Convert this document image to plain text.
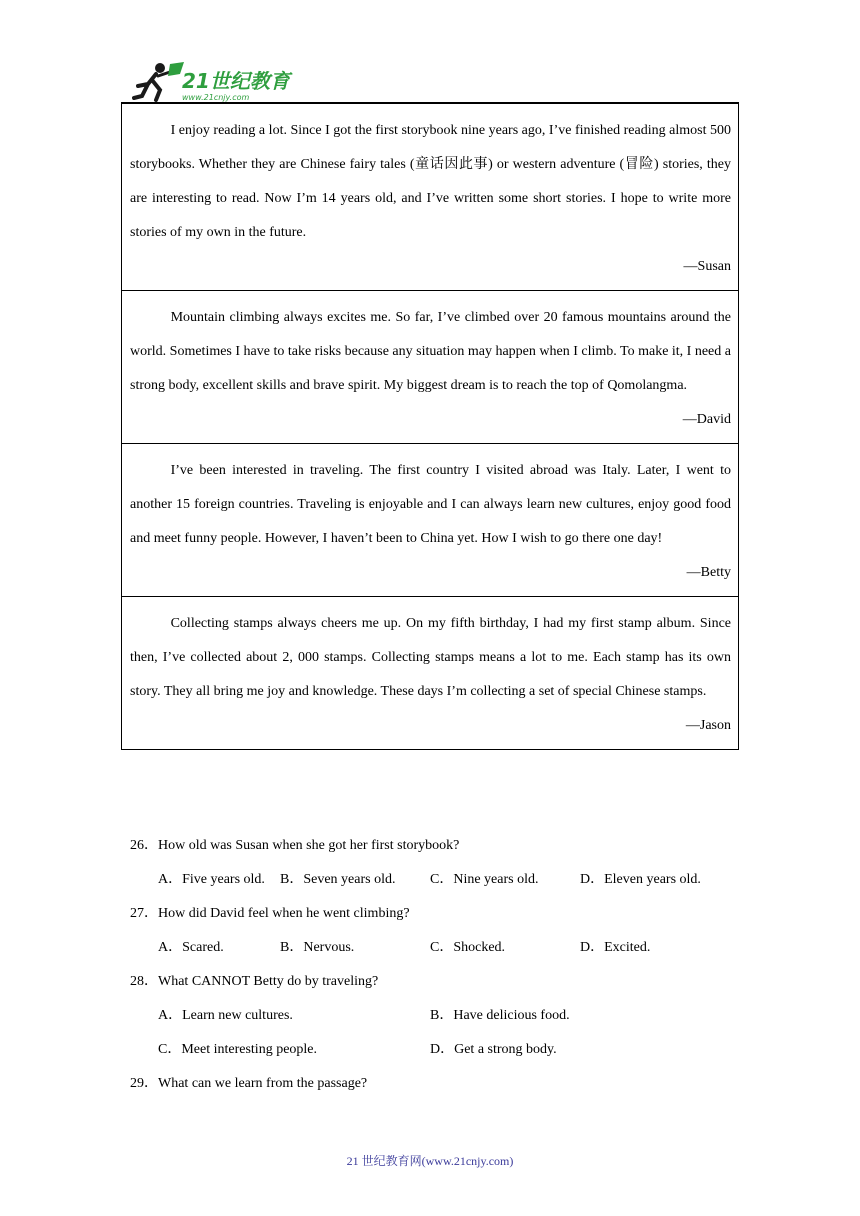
21世纪教育
www.21cnjy.com

I enjoy reading a lot. Since I got the first storybook nine years ago, I’ve finished reading almost 500 storybooks. Whether they are Chinese fairy tales (童话因此事) or western adventure (冒险) stories, they are interesting to read. Now I’m 14 years old, and I’ve written some short stories. I hope to write more stories of my own in the future.

—Susan

Mountain climbing always excites me. So far, I’ve climbed over 20 famous mountains around the world. Sometimes I have to take risks because any situation may happen when I climb. To make it, I need a strong body, excellent skills and brave spirit. My biggest dream is to reach the top of Qomolangma.

—David

I’ve been interested in traveling. The first country I visited abroad was Italy. Later, I went to another 15 foreign countries. Traveling is enjoyable and I can always learn new cultures, enjoy good food and meet funny people. However, I haven’t been to China yet. How I wish to go there one day!

—Betty

Collecting stamps always cheers me up. On my fifth birthday, I had my first stamp album. Since then, I’ve collected about 2, 000 stamps. Collecting stamps means a lot to me. Each stamp has its own story. They all bring me joy and knowledge. These days I’m collecting a set of special Chinese stamps.

—Jason

26．How old was Susan when she got her first storybook?

A．Five years old.	B．Seven years old.	C．Nine years old.	D．Eleven years old.

27．How did David feel when he went climbing?

A．Scared.	B．Nervous.	C．Shocked.	D．Excited.

28．What CANNOT Betty do by traveling?

A．Learn new cultures.	B．Have delicious food.
C．Meet interesting people.	D．Get a strong body.

29．What can we learn from the passage?

21 世纪教育网(www.21cnjy.com)
